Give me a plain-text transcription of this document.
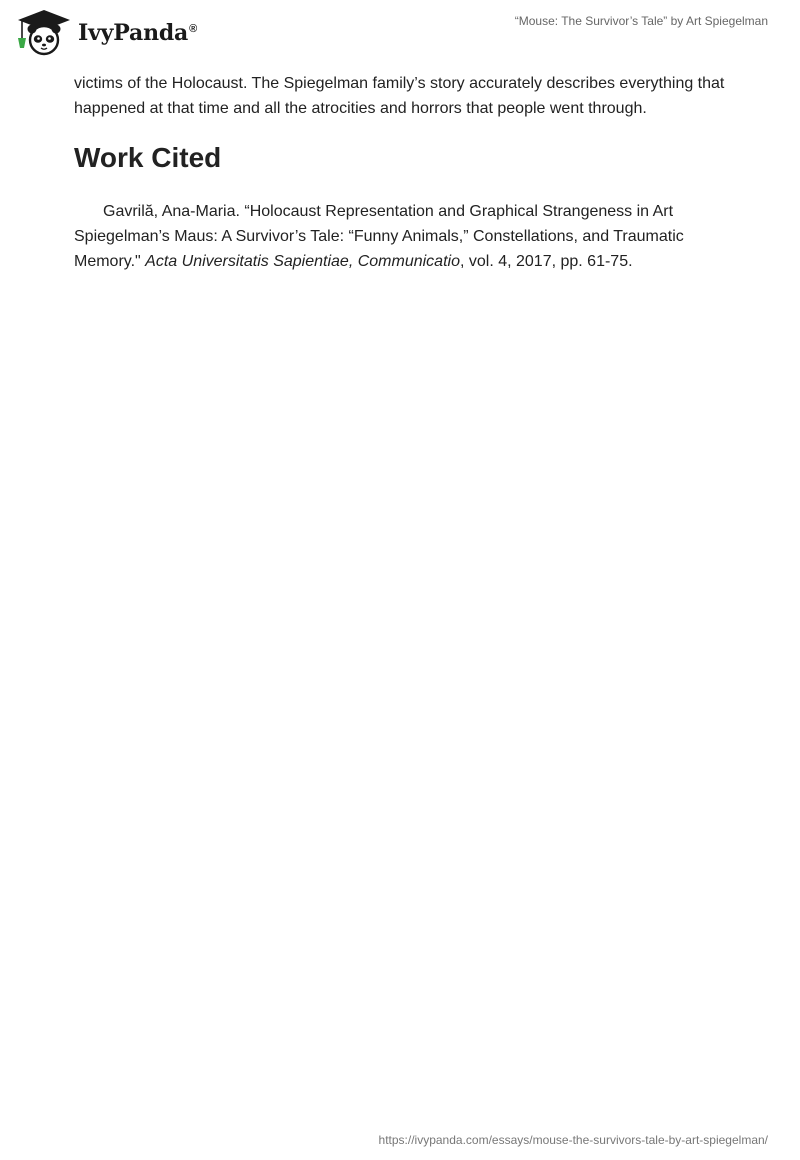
IvyPanda®
“Mouse: The Survivor’s Tale” by Art Spiegelman

victims of the Holocaust. The Spiegelman family’s story accurately describes everything that happened at that time and all the atrocities and horrors that people went through.

Work Cited

Gavrilă, Ana-Maria. “Holocaust Representation and Graphical Strangeness in Art Spiegelman’s Maus: A Survivor’s Tale: “Funny Animals,” Constellations, and Traumatic Memory." Acta Universitatis Sapientiae, Communicatio, vol. 4, 2017, pp. 61-75.

https://ivypanda.com/essays/mouse-the-survivors-tale-by-art-spiegelman/
